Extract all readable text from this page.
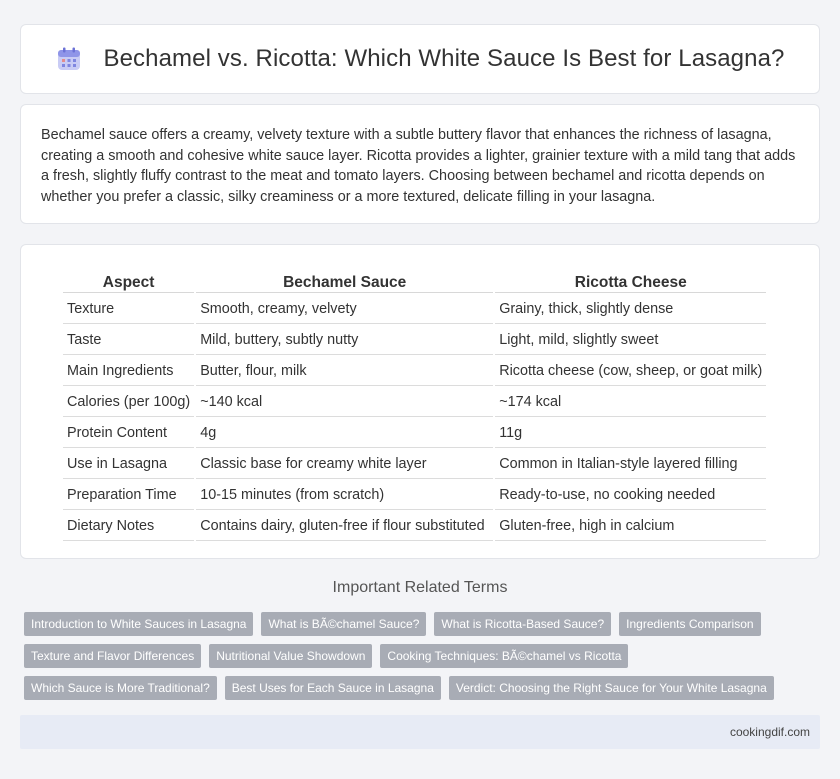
Bechamel vs. Ricotta: Which White Sauce Is Best for Lasagna?

Bechamel sauce offers a creamy, velvety texture with a subtle buttery flavor that enhances the richness of lasagna, creating a smooth and cohesive white sauce layer. Ricotta provides a lighter, grainier texture with a mild tang that adds a fresh, slightly fluffy contrast to the meat and tomato layers. Choosing between bechamel and ricotta depends on whether you prefer a classic, silky creaminess or a more textured, delicate filling in your lasagna.

Aspect	Bechamel Sauce	Ricotta Cheese
Texture	Smooth, creamy, velvety	Grainy, thick, slightly dense
Taste	Mild, buttery, subtly nutty	Light, mild, slightly sweet
Main Ingredients	Butter, flour, milk	Ricotta cheese (cow, sheep, or goat milk)
Calories (per 100g)	~140 kcal	~174 kcal
Protein Content	4g	11g
Use in Lasagna	Classic base for creamy white layer	Common in Italian-style layered filling
Preparation Time	10-15 minutes (from scratch)	Ready-to-use, no cooking needed
Dietary Notes	Contains dairy, gluten-free if flour substituted	Gluten-free, high in calcium
Important Related Terms
Introduction to White Sauces in Lasagna	What is BÃ©chamel Sauce?	What is Ricotta-Based Sauce?	Ingredients Comparison
Texture and Flavor Differences	Nutritional Value Showdown	Cooking Techniques: BÃ©chamel vs Ricotta
Which Sauce is More Traditional?	Best Uses for Each Sauce in Lasagna	Verdict: Choosing the Right Sauce for Your White Lasagna
cookingdif.com
